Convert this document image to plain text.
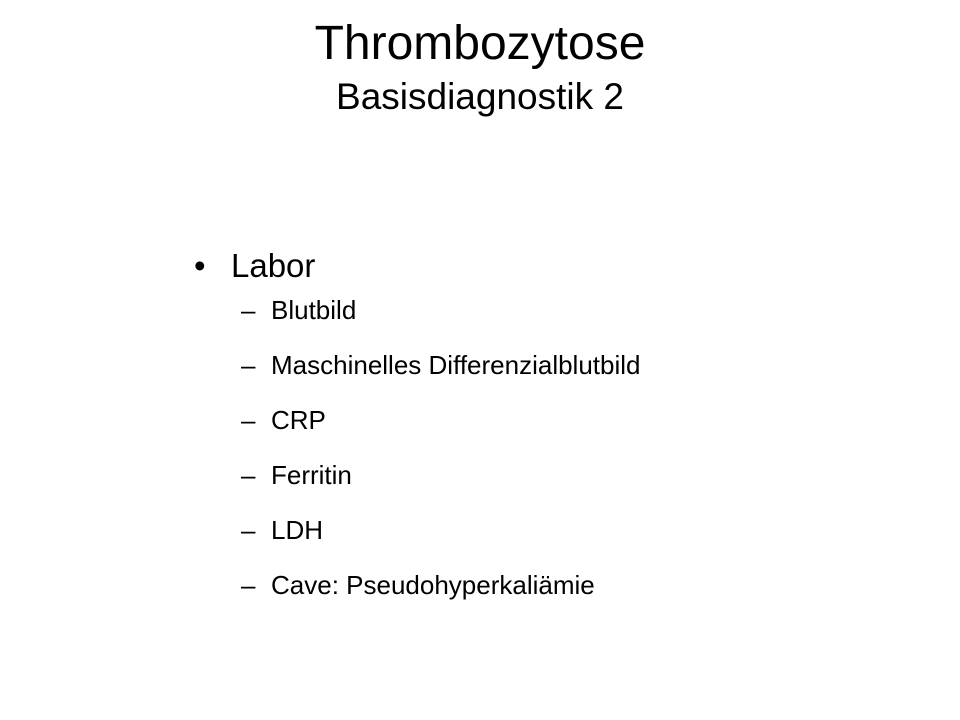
Thrombozytose
Basisdiagnostik 2
• Labor
– Blutbild
– Maschinelles Differenzialblutbild
– CRP
– Ferritin
– LDH
– Cave: Pseudohyperkaliämie
